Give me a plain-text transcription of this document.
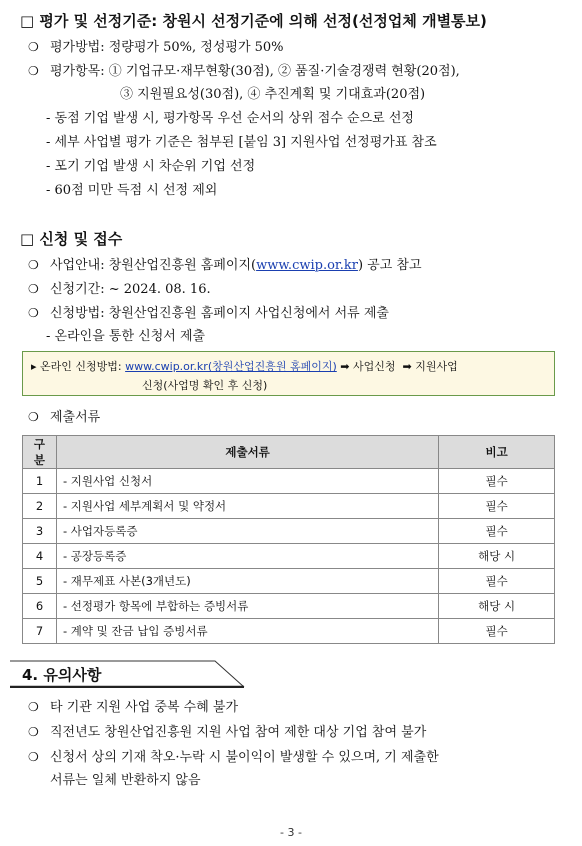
□ 평가 및 선정기준: 창원시 선정기준에 의해 선정(선정업체 개별통보)
❍ 평가방법: 정량평가 50%, 정성평가 50%
❍ 평가항목: ① 기업규모·재무현황(30점), ② 품질·기술경쟁력 현황(20점),
③ 지원필요성(30점), ④ 추진계획 및 기대효과(20점)
- 동점 기업 발생 시, 평가항목 우선 순서의 상위 점수 순으로 선정
- 세부 사업별 평가 기준은 첨부된 [붙임 3] 지원사업 선정평가표 참조
- 포기 기업 발생 시 차순위 기업 선정
- 60점 미만 득점 시 선정 제외
□ 신청 및 접수
❍ 사업안내: 창원산업진흥원 홈페이지(www.cwip.or.kr) 공고 참고
❍ 신청기간: ~ 2024. 08. 16.
❍ 신청방법: 창원산업진흥원 홈페이지 사업신청에서 서류 제출
- 온라인을 통한 신청서 제출
▸ 온라인 신청방법: www.cwip.or.kr(창원산업진흥원 홈페이지) ➡ 사업신청 ➡ 지원사업
신청(사업명 확인 후 신청)
❍ 제출서류
구분	제출서류	비고
1	- 지원사업 신청서	필수
2	- 지원사업 세부계획서 및 약정서	필수
3	- 사업자등록증	필수
4	- 공장등록증	해당 시
5	- 재무제표 사본(3개년도)	필수
6	- 선정평가 항목에 부합하는 증빙서류	해당 시
7	- 계약 및 잔금 납입 증빙서류	필수
4. 유의사항
❍ 타 기관 지원 사업 중복 수혜 불가
❍ 직전년도 창원산업진흥원 지원 사업 참여 제한 대상 기업 참여 불가
❍ 신청서 상의 기재 착오·누락 시 불이익이 발생할 수 있으며, 기 제출한
서류는 일체 반환하지 않음
- 3 -
